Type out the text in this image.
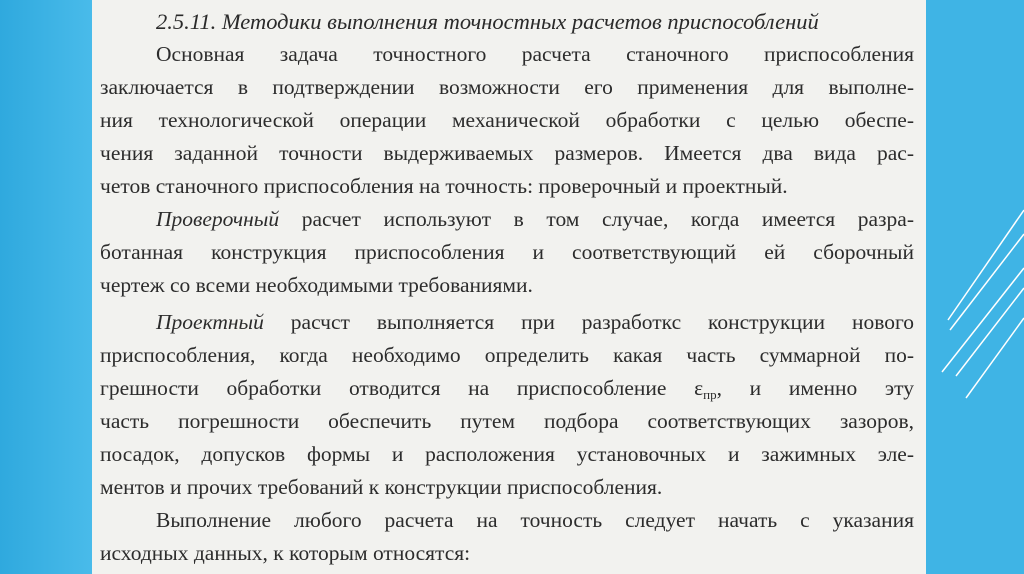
2.5.11. Методики выполнения точностных расчетов приспособлений
Основная задача точностного расчета станочного приспособления
заключается в подтверждении возможности его применения для выполне-
ния технологической операции механической обработки с целью обеспе-
чения заданной точности выдерживаемых размеров. Имеется два вида рас-
четов станочного приспособления на точность: проверочный и проектный.
Проверочный расчет используют в том случае, когда имеется разра-
ботанная конструкция приспособления и соответствующий ей сборочный
чертеж со всеми необходимыми требованиями.
Проектный расчст выполняется при разработкс конструкции нового
приспособления, когда необходимо определить какая часть суммарной по-
грешности обработки отводится на приспособление $\varepsilon_{пр}$, и именно эту
часть погрешности обеспечить путем подбора соответствующих зазоров,
посадок, допусков формы и расположения установочных и зажимных эле-
ментов и прочих требований к конструкции приспособления.
Выполнение любого расчета на точность следует начать с указания
исходных данных, к которым относятся:
